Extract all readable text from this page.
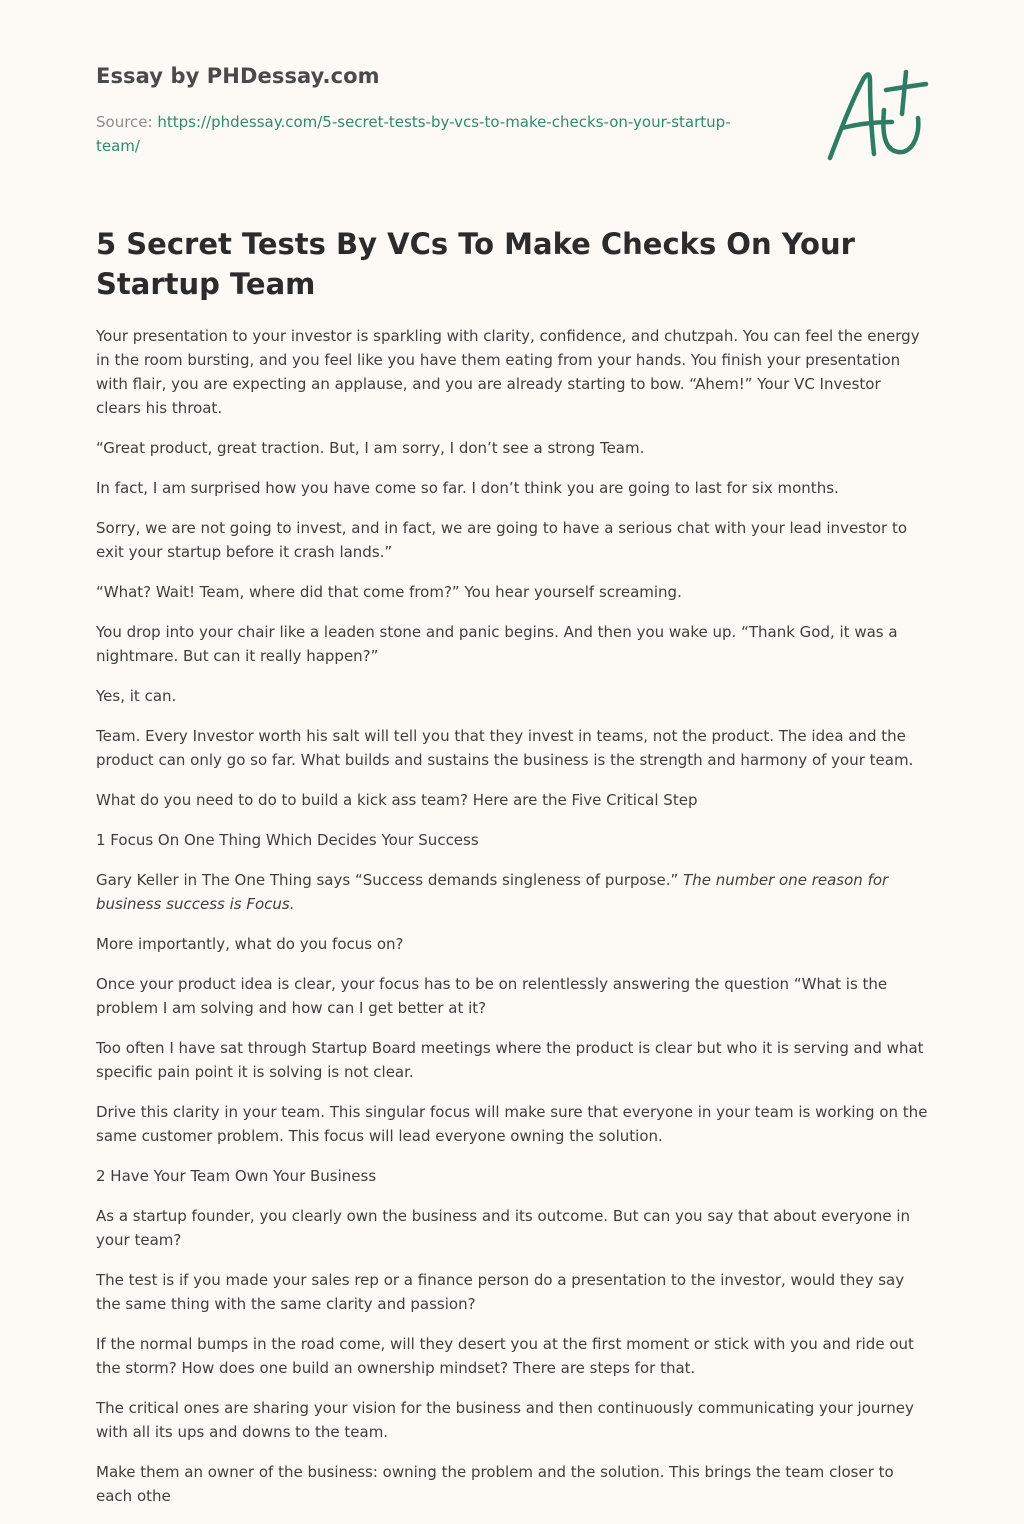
Essay by PHDessay.com
Source: https://phdessay.com/5-secret-tests-by-vcs-to-make-checks-on-your-startup-team/
5 Secret Tests By VCs To Make Checks On Your Startup Team

Your presentation to your investor is sparkling with clarity, confidence, and chutzpah. You can feel the energy in the room bursting, and you feel like you have them eating from your hands. You finish your presentation with flair, you are expecting an applause, and you are already starting to bow. “Ahem!” Your VC Investor clears his throat.

“Great product, great traction. But, I am sorry, I don’t see a strong Team.

In fact, I am surprised how you have come so far. I don’t think you are going to last for six months.

Sorry, we are not going to invest, and in fact, we are going to have a serious chat with your lead investor to exit your startup before it crash lands.”

“What? Wait! Team, where did that come from?” You hear yourself screaming.

You drop into your chair like a leaden stone and panic begins. And then you wake up. “Thank God, it was a nightmare. But can it really happen?”

Yes, it can.

Team. Every Investor worth his salt will tell you that they invest in teams, not the product. The idea and the product can only go so far. What builds and sustains the business is the strength and harmony of your team.

What do you need to do to build a kick ass team? Here are the Five Critical Step

1 Focus On One Thing Which Decides Your Success

Gary Keller in The One Thing says “Success demands singleness of purpose.” The number one reason for business success is Focus.

More importantly, what do you focus on?

Once your product idea is clear, your focus has to be on relentlessly answering the question “What is the problem I am solving and how can I get better at it?

Too often I have sat through Startup Board meetings where the product is clear but who it is serving and what specific pain point it is solving is not clear.

Drive this clarity in your team. This singular focus will make sure that everyone in your team is working on the same customer problem. This focus will lead everyone owning the solution.

2 Have Your Team Own Your Business

As a startup founder, you clearly own the business and its outcome. But can you say that about everyone in your team?

The test is if you made your sales rep or a finance person do a presentation to the investor, would they say the same thing with the same clarity and passion?

If the normal bumps in the road come, will they desert you at the first moment or stick with you and ride out the storm? How does one build an ownership mindset? There are steps for that.

The critical ones are sharing your vision for the business and then continuously communicating your journey with all its ups and downs to the team.

Make them an owner of the business: owning the problem and the solution. This brings the team closer to each othe
